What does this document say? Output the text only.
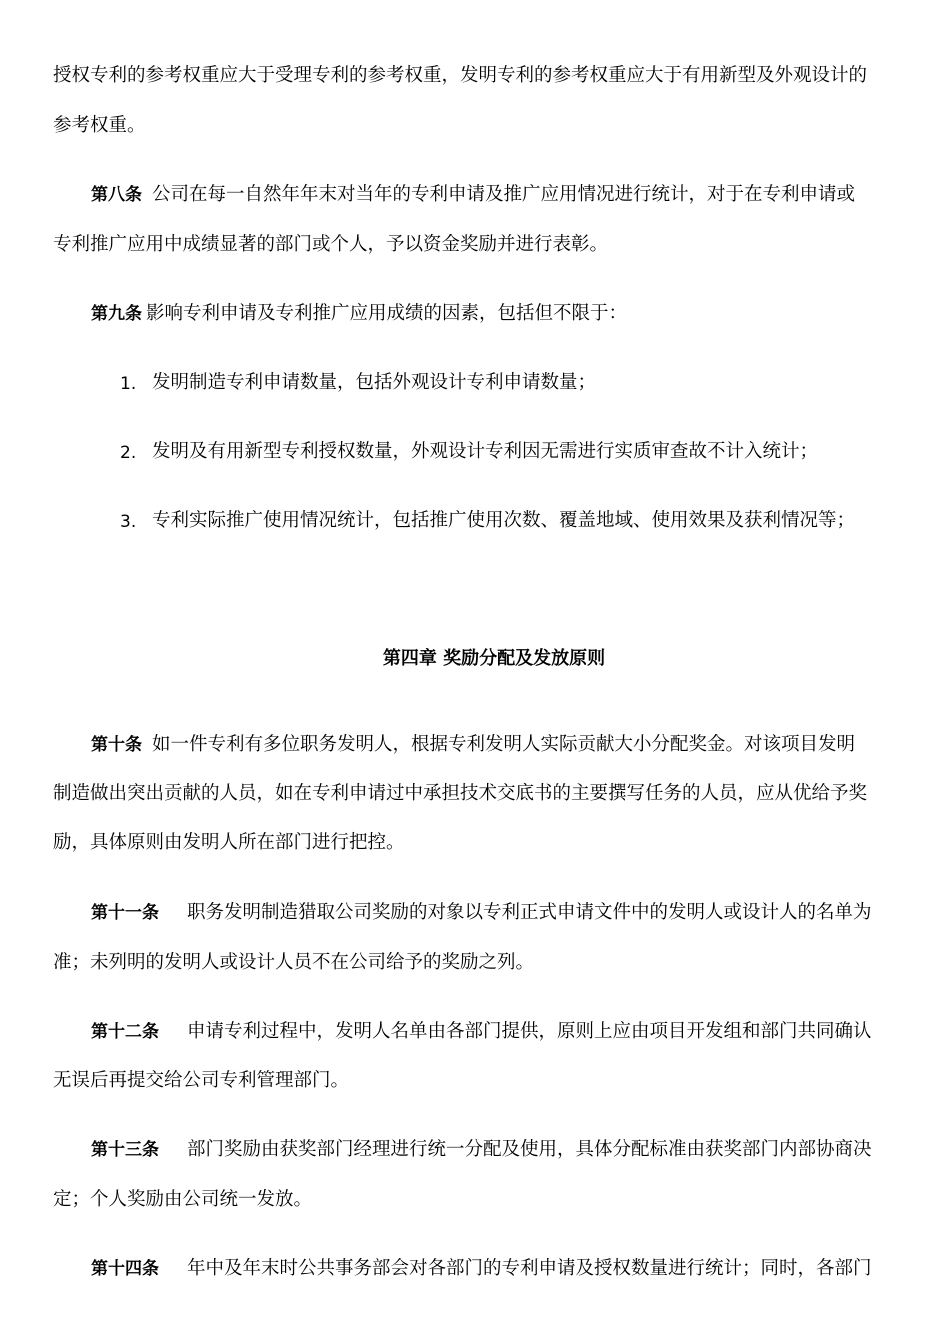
授权专利的参考权重应大于受理专利的参考权重，发明专利的参考权重应大于有用新型及外观设计的
参考权重。
第八条 公司在每一自然年年末对当年的专利申请及推广应用情况进行统计，对于在专利申请或
专利推广应用中成绩显著的部门或个人，予以资金奖励并进行表彰。
第九条 影响专利申请及专利推广应用成绩的因素，包括但不限于：
1. 发明制造专利申请数量，包括外观设计专利申请数量；
2. 发明及有用新型专利授权数量，外观设计专利因无需进行实质审查故不计入统计；
3. 专利实际推广使用情况统计，包括推广使用次数、覆盖地域、使用效果及获利情况等；
第四章 奖励分配及发放原则
第十条 如一件专利有多位职务发明人，根据专利发明人实际贡献大小分配奖金。对该项目发明
制造做出突出贡献的人员，如在专利申请过中承担技术交底书的主要撰写任务的人员，应从优给予奖
励，具体原则由发明人所在部门进行把控。
第十一条 职务发明制造猎取公司奖励的对象以专利正式申请文件中的发明人或设计人的名单为
准；未列明的发明人或设计人员不在公司给予的奖励之列。
第十二条 申请专利过程中，发明人名单由各部门提供，原则上应由项目开发组和部门共同确认
无误后再提交给公司专利管理部门。
第十三条 部门奖励由获奖部门经理进行统一分配及使用，具体分配标准由获奖部门内部协商决
定；个人奖励由公司统一发放。
第十四条 年中及年末时公共事务部会对各部门的专利申请及授权数量进行统计；同时，各部门
